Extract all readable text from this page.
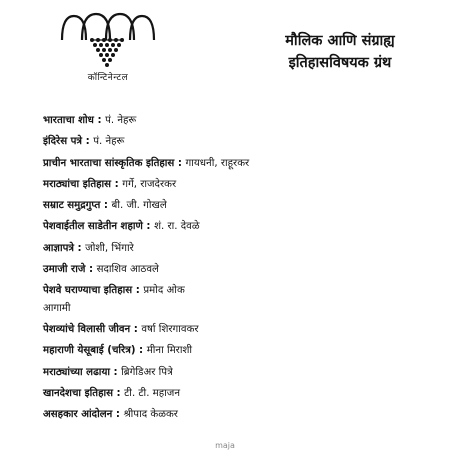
कॉन्टिनेन्टल
मौलिक आणि संग्राह्य
इतिहासविषयक ग्रंथ
भारताचा शोध : पं. नेहरू
इंदिरेस पत्रे : पं. नेहरू
प्राचीन भारताचा सांस्कृतिक इतिहास : गायधनी, राहूरकर
मराठ्यांचा इतिहास : गर्गे, राजदेरकर
सम्राट समुद्रगुप्त : बी. जी. गोखले
पेशवाईतील साडेतीन शहाणे : शं. रा. देवळे
आज्ञापत्रे : जोशी, भिंगारे
उमाजी राजे : सदाशिव आठवले
पेशवे घराण्याचा इतिहास : प्रमोद ओक
आगामी
पेशव्यांचे विलासी जीवन : वर्षा शिरगावकर
महाराणी येसूबाई (चरित्र) : मीना मिराशी
मराठ्यांच्या लढाया : ब्रिगेडिअर पित्रे
खानदेशचा इतिहास : टी. टी. महाजन
असहकार आंदोलन : श्रीपाद केळकर
maja
